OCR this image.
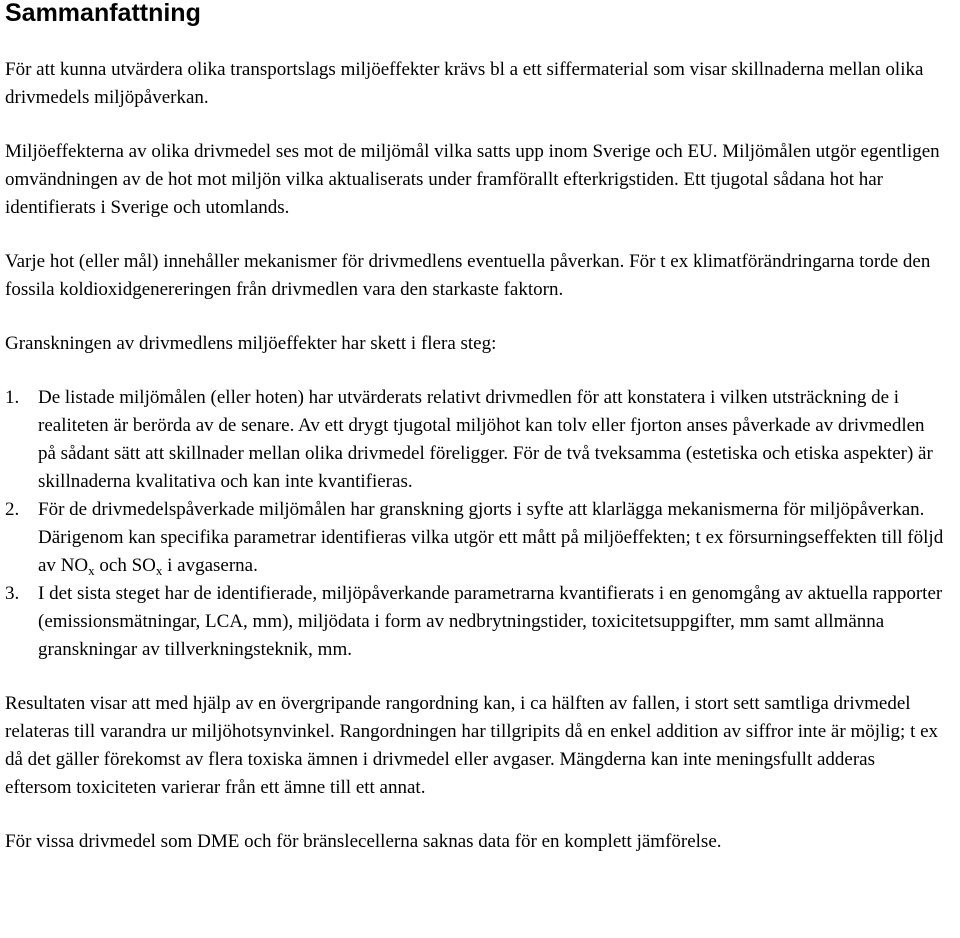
Sammanfattning

För att kunna utvärdera olika transportslags miljöeffekter krävs bl a ett siffermaterial som visar skillnaderna mellan olika drivmedels miljöpåverkan.

Miljöeffekterna av olika drivmedel ses mot de miljömål vilka satts upp inom Sverige och EU. Miljömålen utgör egentligen omvändningen av de hot mot miljön vilka aktualiserats under framförallt efterkrigstiden. Ett tjugotal sådana hot har identifierats i Sverige och utomlands.

Varje hot (eller mål) innehåller mekanismer för drivmedlens eventuella påverkan. För t ex klimatförändringarna torde den fossila koldioxidgenereringen från drivmedlen vara den starkaste faktorn.

Granskningen av drivmedlens miljöeffekter har skett i flera steg:

1. De listade miljömålen (eller hoten) har utvärderats relativt drivmedlen för att konstatera i vilken utsträckning de i realiteten är berörda av de senare. Av ett drygt tjugotal miljöhot kan tolv eller fjorton anses påverkade av drivmedlen på sådant sätt att skillnader mellan olika drivmedel föreligger. För de två tveksamma (estetiska och etiska aspekter) är skillnaderna kvalitativa och kan inte kvantifieras.
2. För de drivmedelspåverkade miljömålen har granskning gjorts i syfte att klarlägga mekanismerna för miljöpåverkan. Därigenom kan specifika parametrar identifieras vilka utgör ett mått på miljöeffekten; t ex försurningseffekten till följd av $NO_x$ och $SO_x$ i avgaserna.
3. I det sista steget har de identifierade, miljöpåverkande parametrarna kvantifierats i en genomgång av aktuella rapporter (emissionsmätningar, LCA, mm), miljödata i form av nedbrytningstider, toxicitetsuppgifter, mm samt allmänna granskningar av tillverkningsteknik, mm.

Resultaten visar att med hjälp av en övergripande rangordning kan, i ca hälften av fallen, i stort sett samtliga drivmedel relateras till varandra ur miljöhotsynvinkel. Rangordningen har tillgripits då en enkel addition av siffror inte är möjlig; t ex då det gäller förekomst av flera toxiska ämnen i drivmedel eller avgaser. Mängderna kan inte meningsfullt adderas eftersom toxiciteten varierar från ett ämne till ett annat.

För vissa drivmedel som DME och för bränslecellerna saknas data för en komplett jämförelse.
